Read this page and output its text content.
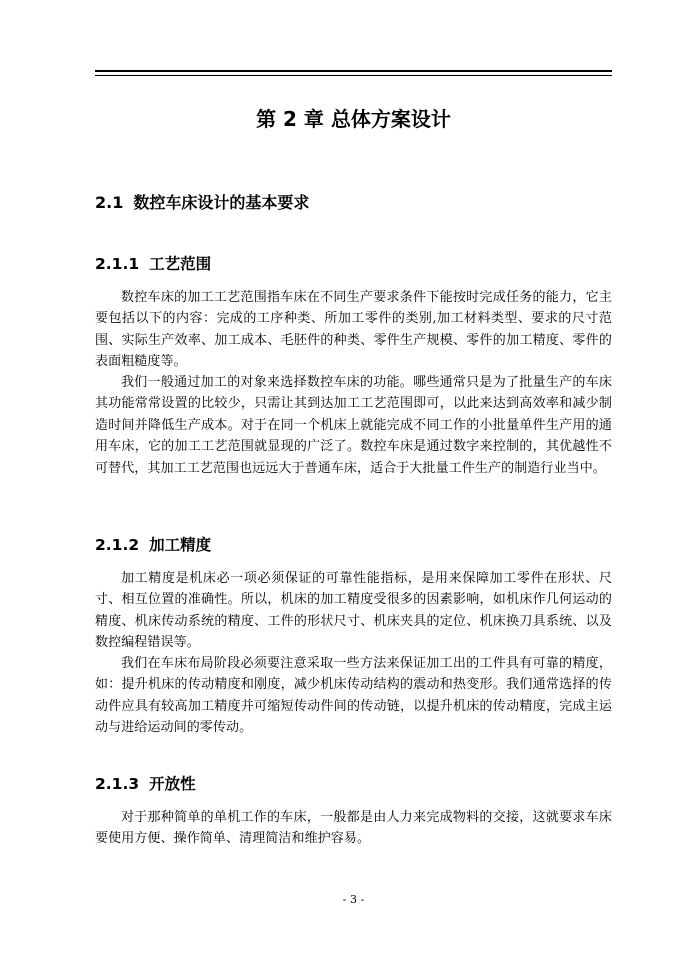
第 2 章 总体方案设计
2.1 数控车床设计的基本要求
2.1.1 工艺范围

数控车床的加工工艺范围指车床在不同生产要求条件下能按时完成任务的能力，它主要包括以下的内容：完成的工序种类、所加工零件的类别,加工材料类型、要求的尺寸范围、实际生产效率、加工成本、毛胚件的种类、零件生产规模、零件的加工精度、零件的表面粗糙度等。

我们一般通过加工的对象来选择数控车床的功能。哪些通常只是为了批量生产的车床其功能常常设置的比较少，只需让其到达加工工艺范围即可，以此来达到高效率和减少制造时间并降低生产成本。对于在同一个机床上就能完成不同工作的小批量单件生产用的通用车床，它的加工工艺范围就显现的广泛了。数控车床是通过数字来控制的，其优越性不可替代，其加工工艺范围也远远大于普通车床，适合于大批量工件生产的制造行业当中。

2.1.2 加工精度

加工精度是机床必一项必须保证的可靠性能指标，是用来保障加工零件在形状、尺寸、相互位置的准确性。所以，机床的加工精度受很多的因素影响，如机床作几何运动的精度、机床传动系统的精度、工件的形状尺寸、机床夹具的定位、机床换刀具系统、以及数控编程错误等。

我们在车床布局阶段必须要注意采取一些方法来保证加工出的工件具有可靠的精度，如：提升机床的传动精度和刚度，减少机床传动结构的震动和热变形。我们通常选择的传动件应具有较高加工精度并可缩短传动件间的传动链，以提升机床的传动精度，完成主运动与进给运动间的零传动。

2.1.3 开放性

对于那种简单的单机工作的车床，一般都是由人力来完成物料的交接，这就要求车床要使用方便、操作简单、清理简洁和维护容易。

- 3 -
